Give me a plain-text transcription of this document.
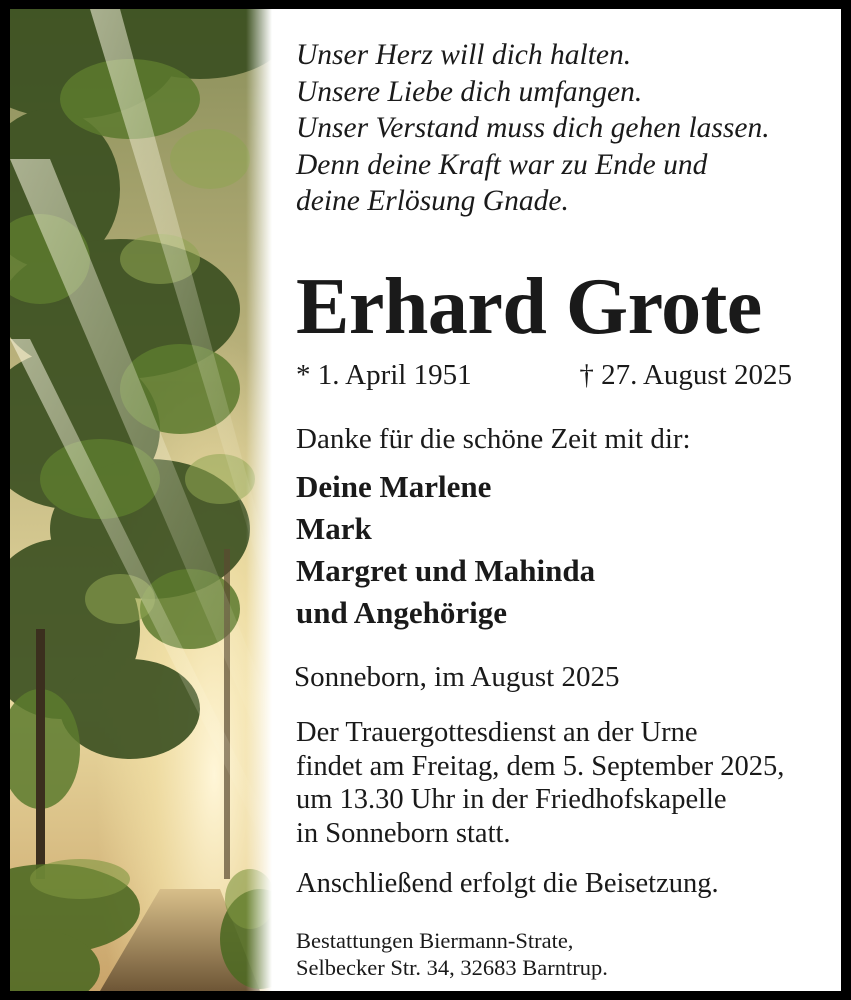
Unser Herz will dich halten.
Unsere Liebe dich umfangen.
Unser Verstand muss dich gehen lassen.
Denn deine Kraft war zu Ende und
deine Erlösung Gnade.
Erhard Grote
* 1. April 1951	† 27. August 2025
Danke für die schöne Zeit mit dir:
Deine Marlene
Mark
Margret und Mahinda
und Angehörige
Sonneborn, im August 2025
Der Trauergottesdienst an der Urne
findet am Freitag, dem 5. September 2025,
um 13.30 Uhr in der Friedhofskapelle
in Sonneborn statt.
Anschließend erfolgt die Beisetzung.
Bestattungen Biermann-Strate,
Selbecker Str. 34, 32683 Barntrup.
